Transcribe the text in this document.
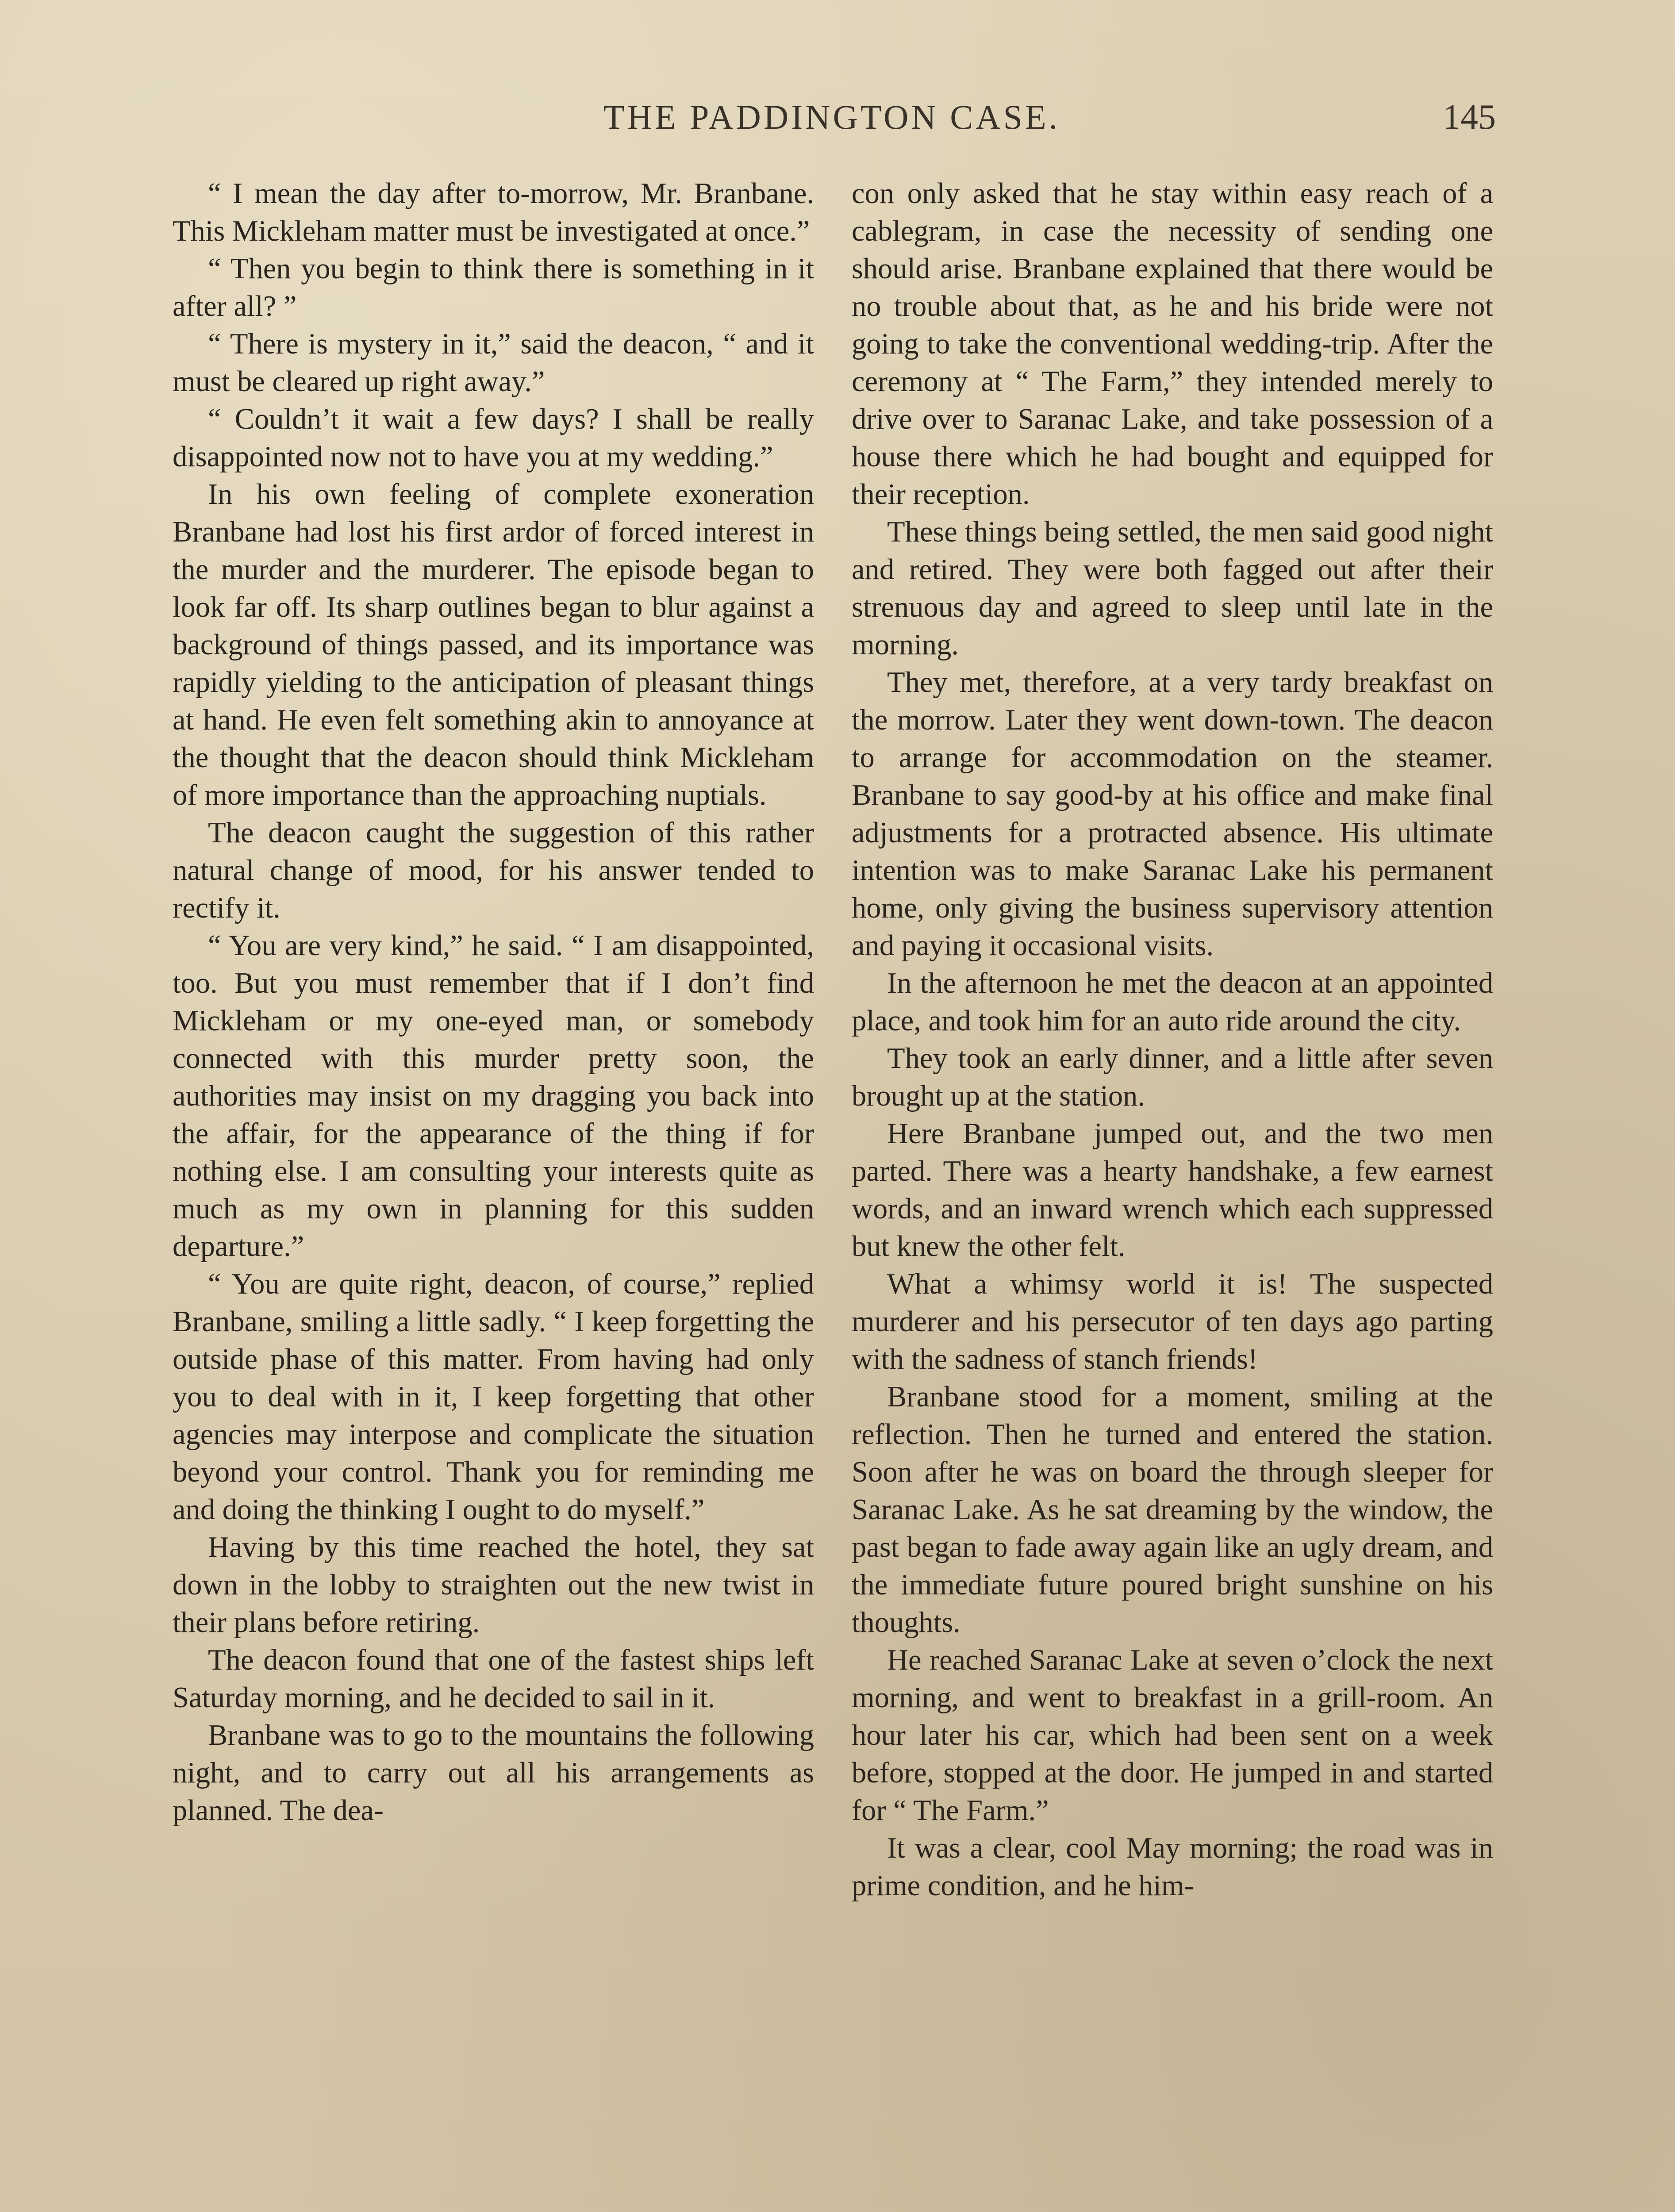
THE PADDINGTON CASE.	145

“ I mean the day after to-morrow, Mr. Branbane. This Mickleham matter must be investigated at once.”

“ Then you begin to think there is something in it after all? ”

“ There is mystery in it,” said the deacon, “ and it must be cleared up right away.”

“ Couldn’t it wait a few days? I shall be really disappointed now not to have you at my wedding.”

In his own feeling of complete exoneration Branbane had lost his first ardor of forced interest in the murder and the murderer. The episode began to look far off. Its sharp outlines began to blur against a background of things passed, and its importance was rapidly yielding to the anticipation of pleasant things at hand. He even felt something akin to annoyance at the thought that the deacon should think Mickleham of more importance than the approaching nuptials.

The deacon caught the suggestion of this rather natural change of mood, for his answer tended to rectify it.

“ You are very kind,” he said. “ I am disappointed, too. But you must remember that if I don’t find Mickleham or my one-eyed man, or somebody connected with this murder pretty soon, the authorities may insist on my dragging you back into the affair, for the appearance of the thing if for nothing else. I am consulting your interests quite as much as my own in planning for this sudden departure.”

“ You are quite right, deacon, of course,” replied Branbane, smiling a little sadly. “ I keep forgetting the outside phase of this matter. From having had only you to deal with in it, I keep forgetting that other agencies may interpose and complicate the situation beyond your control. Thank you for reminding me and doing the thinking I ought to do myself.”

Having by this time reached the hotel, they sat down in the lobby to straighten out the new twist in their plans before retiring.

The deacon found that one of the fastest ships left Saturday morning, and he decided to sail in it.

Branbane was to go to the mountains the following night, and to carry out all his arrangements as planned. The dea-

con only asked that he stay within easy reach of a cablegram, in case the necessity of sending one should arise. Branbane explained that there would be no trouble about that, as he and his bride were not going to take the conventional wedding-trip. After the ceremony at “ The Farm,” they intended merely to drive over to Saranac Lake, and take possession of a house there which he had bought and equipped for their reception.

These things being settled, the men said good night and retired. They were both fagged out after their strenuous day and agreed to sleep until late in the morning.

They met, therefore, at a very tardy breakfast on the morrow. Later they went down-town. The deacon to arrange for accommodation on the steamer. Branbane to say good-by at his office and make final adjustments for a protracted absence. His ultimate intention was to make Saranac Lake his permanent home, only giving the business supervisory attention and paying it occasional visits.

In the afternoon he met the deacon at an appointed place, and took him for an auto ride around the city.

They took an early dinner, and a little after seven brought up at the station.

Here Branbane jumped out, and the two men parted. There was a hearty handshake, a few earnest words, and an inward wrench which each suppressed but knew the other felt.

What a whimsy world it is! The suspected murderer and his persecutor of ten days ago parting with the sadness of stanch friends!

Branbane stood for a moment, smiling at the reflection. Then he turned and entered the station. Soon after he was on board the through sleeper for Saranac Lake. As he sat dreaming by the window, the past began to fade away again like an ugly dream, and the immediate future poured bright sunshine on his thoughts.

He reached Saranac Lake at seven o’clock the next morning, and went to breakfast in a grill-room. An hour later his car, which had been sent on a week before, stopped at the door. He jumped in and started for “ The Farm.”

It was a clear, cool May morning; the road was in prime condition, and he him-
